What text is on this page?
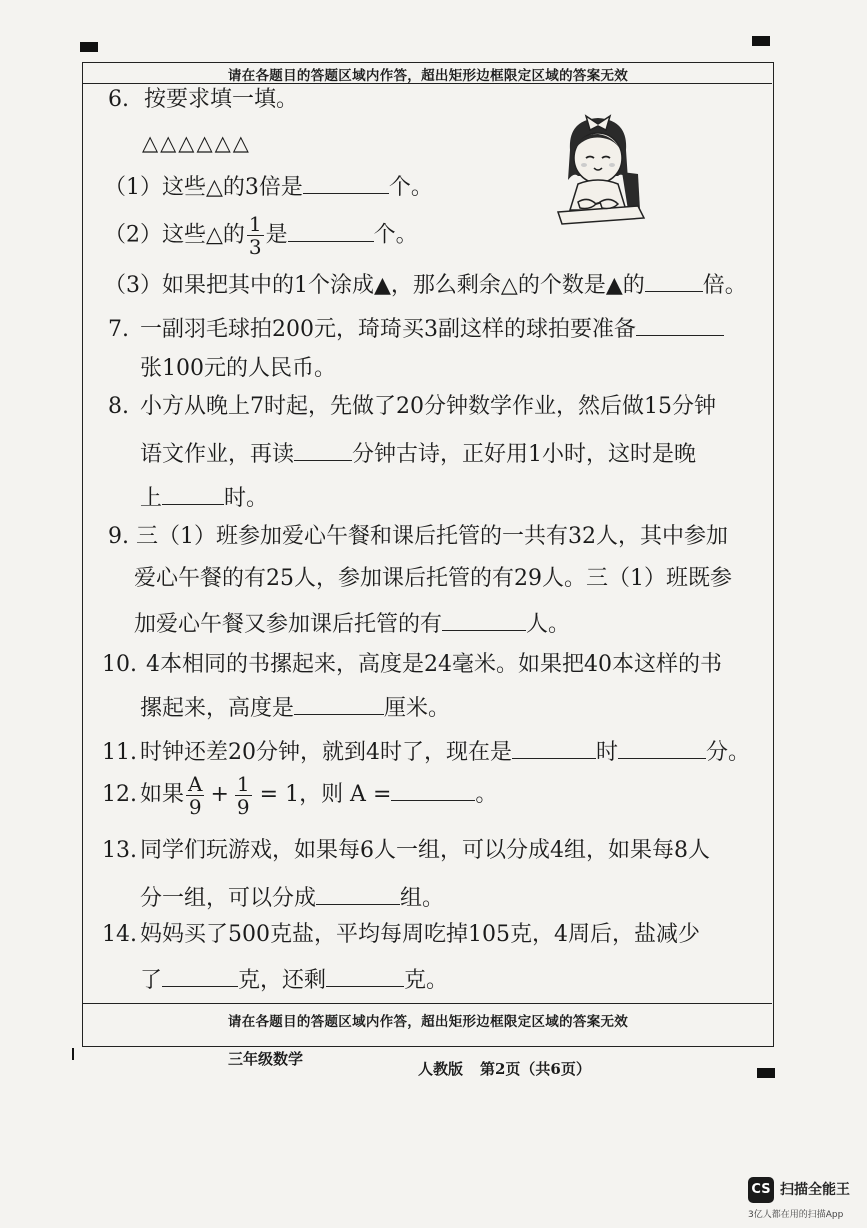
请在各题目的答题区域内作答，超出矩形边框限定区域的答案无效
请在各题目的答题区域内作答，超出矩形边框限定区域的答案无效
6. 按要求填一填。
△△△△△△
（1）这些△的3倍是	个。
（2）这些△的 $\frac{1}{3}$ 是	个。
（3）如果把其中的1个涂成▲，那么剩余△的个数是▲的	倍。
7. 一副羽毛球拍200元，琦琦买3副这样的球拍要准备
张100元的人民币。
8. 小方从晚上7时起，先做了20分钟数学作业，然后做15分钟
语文作业，再读	分钟古诗，正好用1小时，这时是晚
上	时。
9. 三（1）班参加爱心午餐和课后托管的一共有32人，其中参加
爱心午餐的有25人，参加课后托管的有29人。三（1）班既参
加爱心午餐又参加课后托管的有	人。
10. 4本相同的书摞起来，高度是24毫米。如果把40本这样的书
摞起来，高度是	厘米。
11. 时钟还差20分钟，就到4时了，现在是	时	分。
12. 如果 $\frac{A}{9} + \frac{1}{9} = 1$，则 A =	。
13. 同学们玩游戏，如果每6人一组，可以分成4组，如果每8人
分一组，可以分成	组。
14. 妈妈买了500克盐，平均每周吃掉105克，4周后，盐减少
了	克，还剩	克。
三年级数学
人教版 第2页（共6页）
CS 扫描全能王
3亿人都在用的扫描App
